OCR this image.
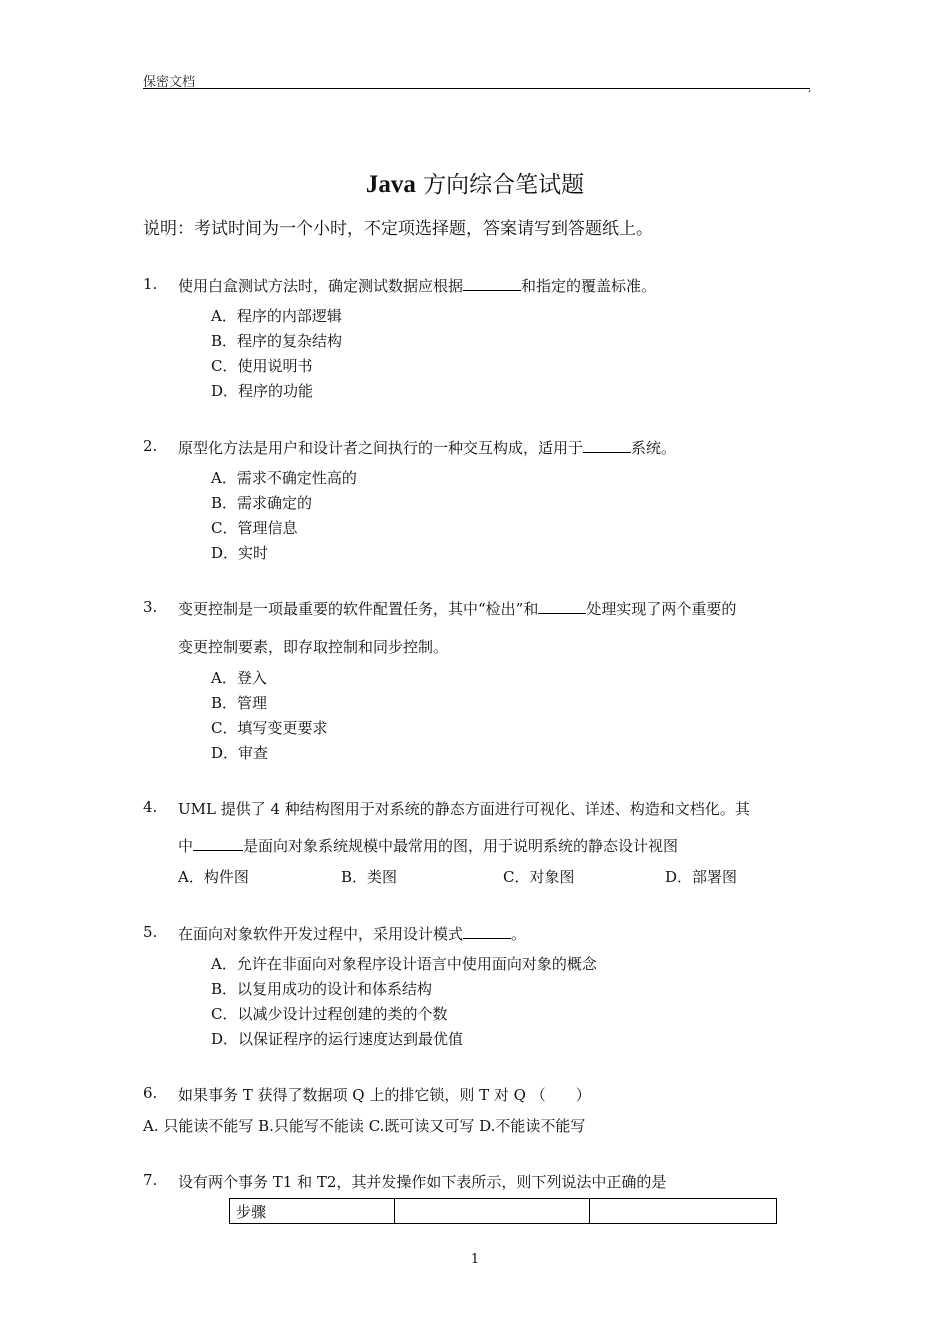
保密文档	,
Java 方向综合笔试题
说明：考试时间为一个小时，不定项选择题，答案请写到答题纸上。
1. 使用白盒测试方法时，确定测试数据应根据	和指定的覆盖标准。
A．程序的内部逻辑
B．程序的复杂结构
C．使用说明书
D．程序的功能
2. 原型化方法是用户和设计者之间执行的一种交互构成，适用于	系统。
A．需求不确定性高的
B．需求确定的
C．管理信息
D．实时
3. 变更控制是一项最重要的软件配置任务，其中“检出”和	处理实现了两个重要的
变更控制要素，即存取控制和同步控制。
A．登入
B．管理
C．填写变更要求
D．审查
4. UML 提供了 4 种结构图用于对系统的静态方面进行可视化、详述、构造和文档化。其
中	是面向对象系统规模中最常用的图，用于说明系统的静态设计视图
A．构件图	B．类图	C．对象图	D．部署图
5. 在面向对象软件开发过程中，采用设计模式	。
A．允许在非面向对象程序设计语言中使用面向对象的概念
B．以复用成功的设计和体系结构
C．以减少设计过程创建的类的个数
D．以保证程序的运行速度达到最优值
6. 如果事务 T 获得了数据项 Q 上的排它锁，则 T 对 Q （　　）
A. 只能读不能写 B.只能写不能读 C.既可读又可写 D.不能读不能写
7. 设有两个事务 T1 和 T2，其并发操作如下表所示，则下列说法中正确的是
步骤		
1
